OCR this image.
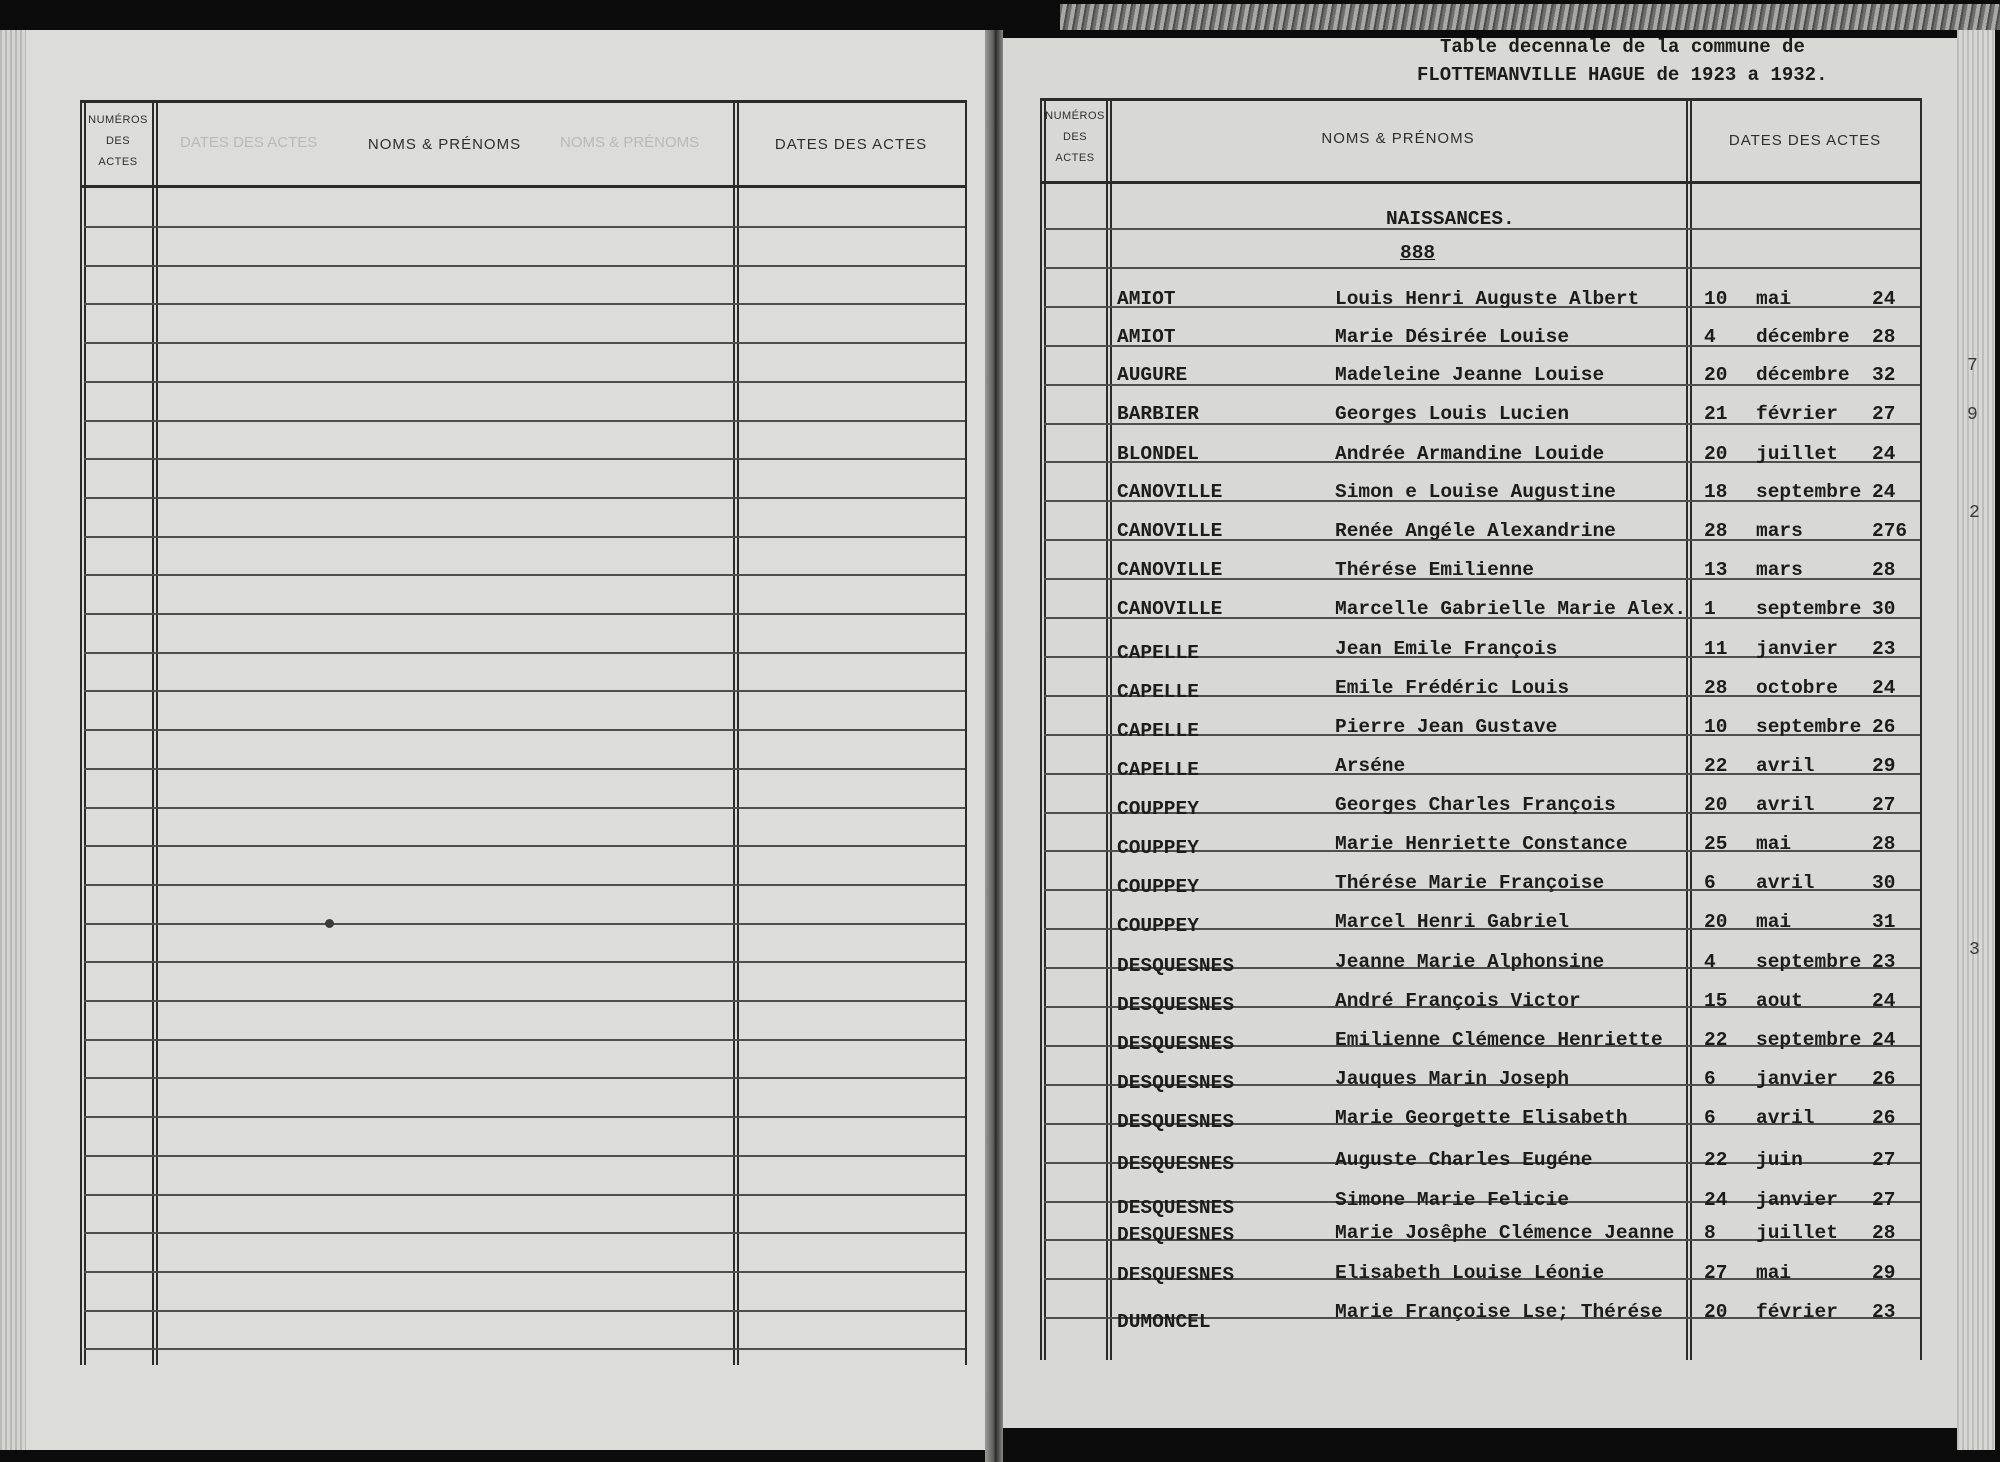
NUMÉROS
DES
ACTES
NOMS & PRÉNOMS	DATES DES ACTES
DATES DES ACTES	NOMS & PRÉNOMS
Table decennale de la commune de
FLOTTEMANVILLE HAGUE de 1923 a 1932.
NUMÉROS
DES
ACTES
NOMS & PRÉNOMS	DATES DES ACTES
NAISSANCES.
888
AMIOT	Louis Henri Auguste Albert	10 mai	24
AMIOT	Marie Désirée Louise	4 décembre 28
AUGURE	Madeleine Jeanne Louise	20 décembre 32
BARBIER	Georges Louis Lucien	21 février 27
BLONDEL	Andrée Armandine Louide	20 juillet 24
CANOVILLE	Simon e Louise Augustine	18 septembre 24
CANOVILLE	Renée Angéle Alexandrine	28 mars	276
CANOVILLE	Thérése Emilienne	13 mars	28
CANOVILLE	Marcelle Gabrielle Marie Alex. 1 septembre 30
CAPELLE	Jean Emile François	11 janvier 23
CAPELLE	Emile Frédéric Louis	28 octobre 24
CAPELLE	Pierre Jean Gustave	10 septembre 26
CAPELLE	Arséne	22 avril	29
COUPPEY	Georges Charles François	20 avril	27
COUPPEY	Marie Henriette Constance	25 mai	28
COUPPEY	Thérése Marie Françoise	6 avril	30
COUPPEY	Marcel Henri Gabriel	20 mai	31
DESQUESNES	Jeanne Marie Alphonsine	4 septembre 23
DESQUESNES	André François Victor	15 aout	24
DESQUESNES	Emilienne Clémence Henriette 22 septembre 24
DESQUESNES	Jauques Marin Joseph	6 janvier 26
DESQUESNES	Marie Georgette Elisabeth	6 avril	26
DESQUESNES	Auguste Charles Eugéne	22 juin	27
DESQUESNES	Simone Marie Felicie	24 janvier 27
DESQUESNES	Marie Josêphe Clémence Jeanne 8 juillet 28
DESQUESNES	Elisabeth Louise Léonie	27 mai	29
DUMONCEL	Marie Françoise Lse; Thérése 20 février 23
7
9
2
3
